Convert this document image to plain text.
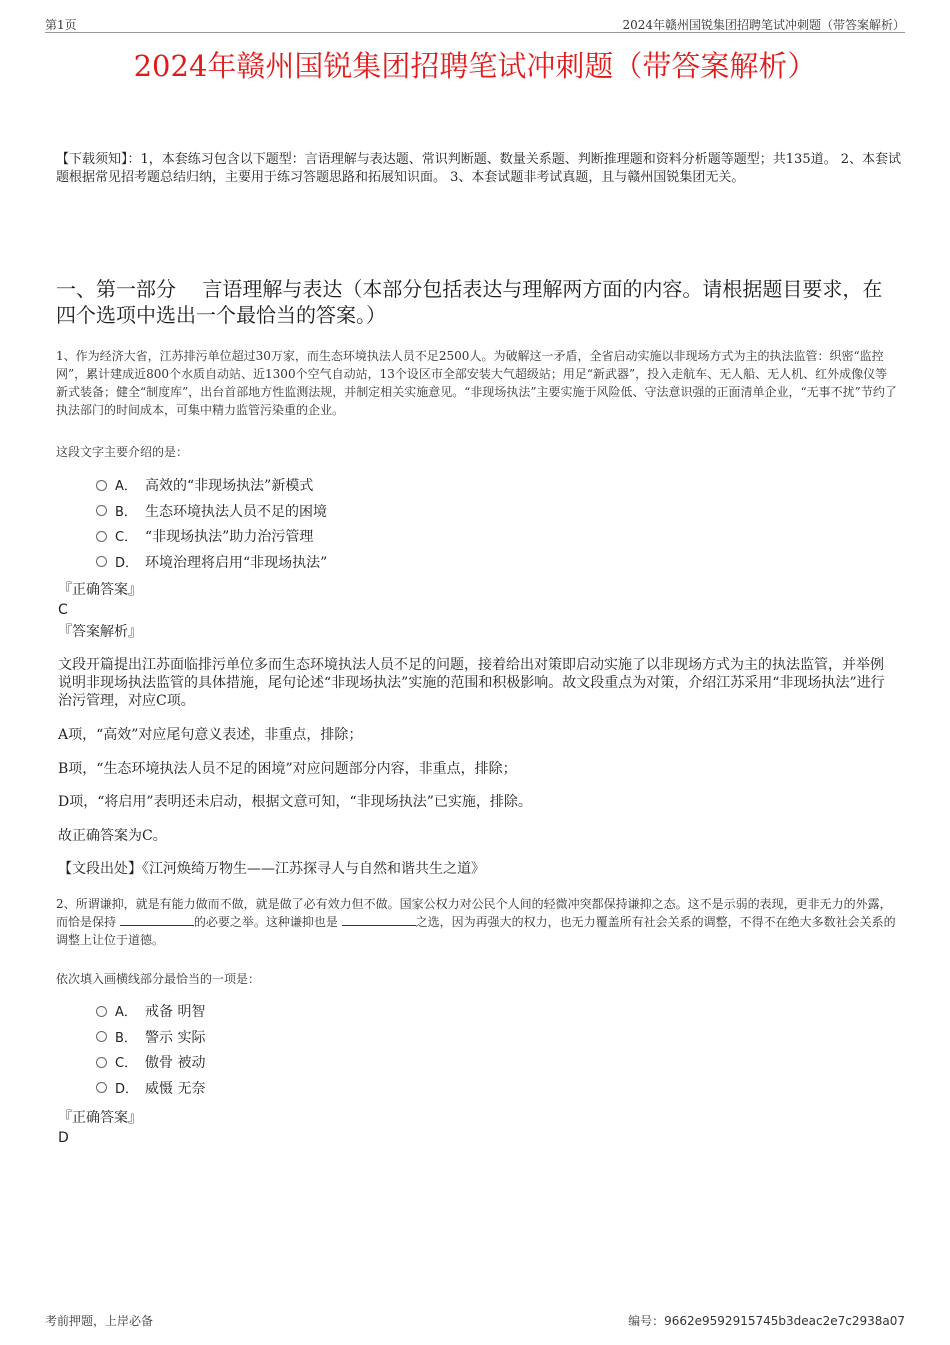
第1页	2024年赣州国锐集团招聘笔试冲刺题（带答案解析）
2024年赣州国锐集团招聘笔试冲刺题（带答案解析）
【下载须知】：1，本套练习包含以下题型：言语理解与表达题、常识判断题、数量关系题、判断推理题和资料分析题等题型；共135道。 2、本套试题根据常见招考题总结归纳，主要用于练习答题思路和拓展知识面。 3、本套试题非考试真题，且与赣州国锐集团无关。
一、第一部分　 言语理解与表达（本部分包括表达与理解两方面的内容。请根据题目要求，在四个选项中选出一个最恰当的答案。）
1、作为经济大省，江苏排污单位超过30万家，而生态环境执法人员不足2500人。为破解这一矛盾，全省启动实施以非现场方式为主的执法监管：织密“监控网”，累计建成近800个水质自动站、近1300个空气自动站，13个设区市全部安装大气超级站；用足“新武器”，投入走航车、无人船、无人机、红外成像仪等新式装备；健全“制度库”，出台首部地方性监测法规，并制定相关实施意见。“非现场执法”主要实施于风险低、守法意识强的正面清单企业，“无事不扰”节约了执法部门的时间成本，可集中精力监管污染重的企业。
这段文字主要介绍的是：
A． 高效的“非现场执法”新模式
B． 生态环境执法人员不足的困境
C． “非现场执法”助力治污管理
D． 环境治理将启用“非现场执法”
『正确答案』
C
『答案解析』
文段开篇提出江苏面临排污单位多而生态环境执法人员不足的问题，接着给出对策即启动实施了以非现场方式为主的执法监管，并举例说明非现场执法监管的具体措施，尾句论述“非现场执法”实施的范围和积极影响。故文段重点为对策，介绍江苏采用“非现场执法”进行治污管理，对应C项。
A项，“高效”对应尾句意义表述，非重点，排除；
B项，“生态环境执法人员不足的困境”对应问题部分内容，非重点，排除；
D项，“将启用”表明还未启动，根据文意可知，“非现场执法”已实施，排除。
故正确答案为C。
【文段出处】《江河焕绮万物生——江苏探寻人与自然和谐共生之道》
2、所谓谦抑，就是有能力做而不做，就是做了必有效力但不做。国家公权力对公民个人间的轻微冲突都保持谦抑之态。这不是示弱的表现，更非无力的外露，而恰是保持	的必要之举。这种谦抑也是	之选，因为再强大的权力，也无力覆盖所有社会关系的调整，不得不在绝大多数社会关系的调整上让位于道德。
依次填入画横线部分最恰当的一项是：
A． 戒备 明智
B． 警示 实际
C． 傲骨 被动
D． 威慑 无奈
『正确答案』
D
考前押题，上岸必备	编号：9662e9592915745b3deac2e7c2938a07
